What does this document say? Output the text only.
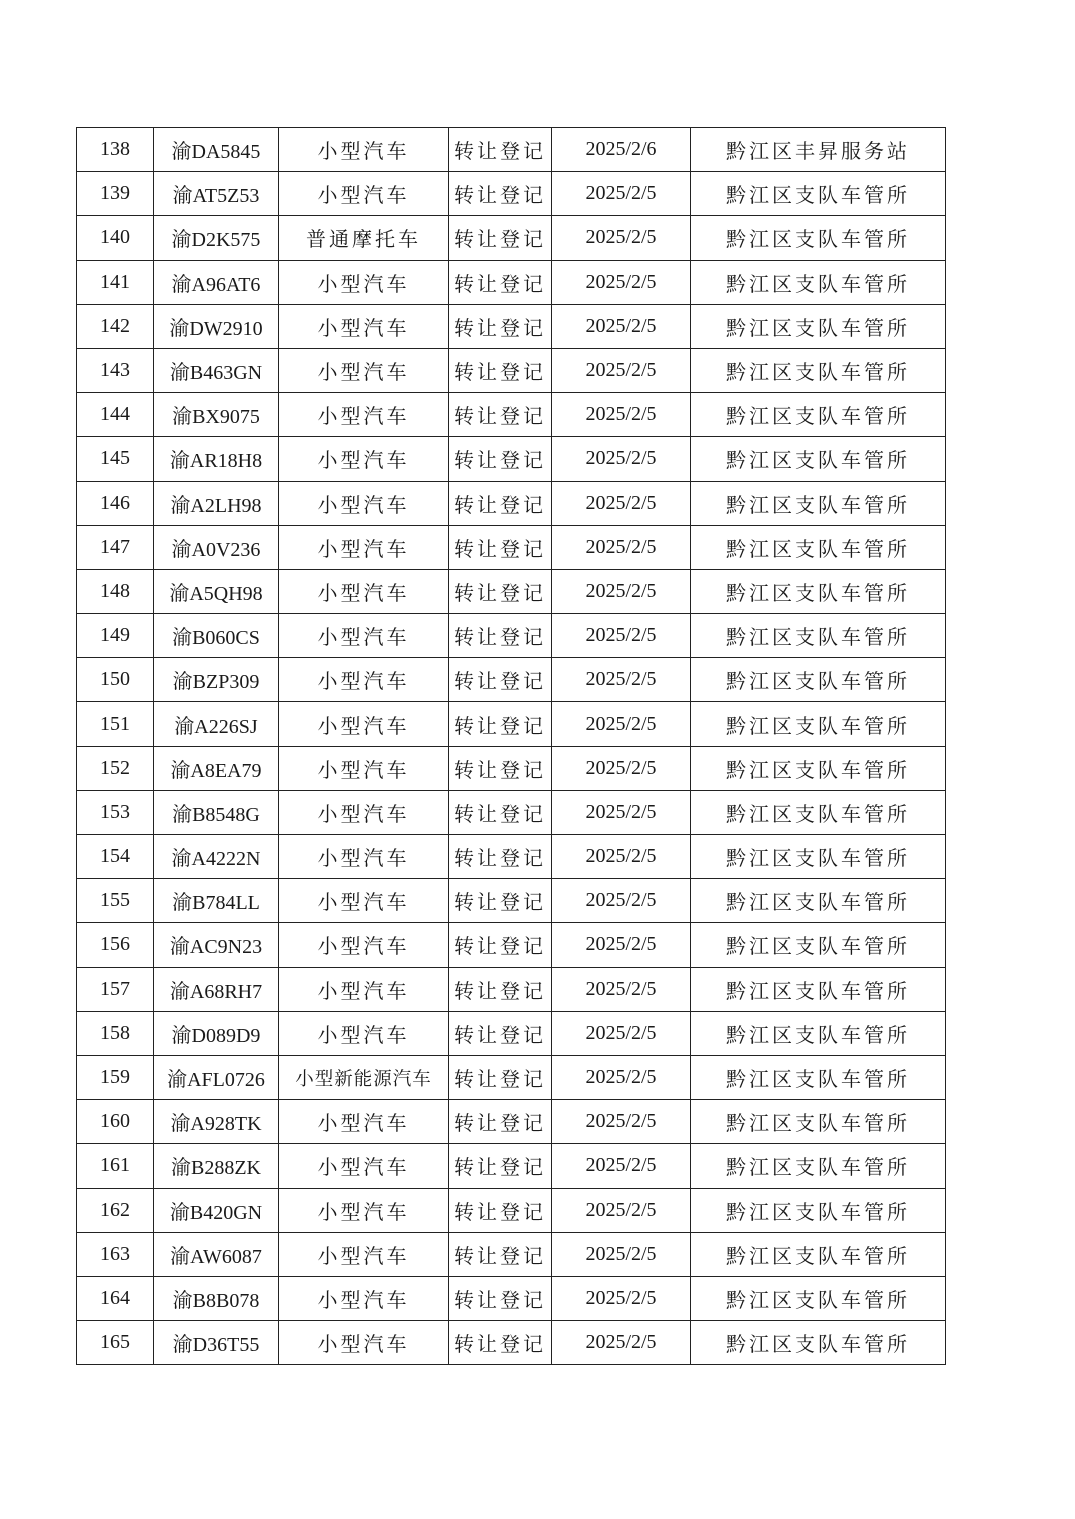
138	渝DA5845	小型汽车	转让登记	2025/2/6	黔江区丰昇服务站
139	渝AT5Z53	小型汽车	转让登记	2025/2/5	黔江区支队车管所
140	渝D2K575	普通摩托车	转让登记	2025/2/5	黔江区支队车管所
141	渝A96AT6	小型汽车	转让登记	2025/2/5	黔江区支队车管所
142	渝DW2910	小型汽车	转让登记	2025/2/5	黔江区支队车管所
143	渝B463GN	小型汽车	转让登记	2025/2/5	黔江区支队车管所
144	渝BX9075	小型汽车	转让登记	2025/2/5	黔江区支队车管所
145	渝AR18H8	小型汽车	转让登记	2025/2/5	黔江区支队车管所
146	渝A2LH98	小型汽车	转让登记	2025/2/5	黔江区支队车管所
147	渝A0V236	小型汽车	转让登记	2025/2/5	黔江区支队车管所
148	渝A5QH98	小型汽车	转让登记	2025/2/5	黔江区支队车管所
149	渝B060CS	小型汽车	转让登记	2025/2/5	黔江区支队车管所
150	渝BZP309	小型汽车	转让登记	2025/2/5	黔江区支队车管所
151	渝A226SJ	小型汽车	转让登记	2025/2/5	黔江区支队车管所
152	渝A8EA79	小型汽车	转让登记	2025/2/5	黔江区支队车管所
153	渝B8548G	小型汽车	转让登记	2025/2/5	黔江区支队车管所
154	渝A4222N	小型汽车	转让登记	2025/2/5	黔江区支队车管所
155	渝B784LL	小型汽车	转让登记	2025/2/5	黔江区支队车管所
156	渝AC9N23	小型汽车	转让登记	2025/2/5	黔江区支队车管所
157	渝A68RH7	小型汽车	转让登记	2025/2/5	黔江区支队车管所
158	渝D089D9	小型汽车	转让登记	2025/2/5	黔江区支队车管所
159	渝AFL0726	小型新能源汽车	转让登记	2025/2/5	黔江区支队车管所
160	渝A928TK	小型汽车	转让登记	2025/2/5	黔江区支队车管所
161	渝B288ZK	小型汽车	转让登记	2025/2/5	黔江区支队车管所
162	渝B420GN	小型汽车	转让登记	2025/2/5	黔江区支队车管所
163	渝AW6087	小型汽车	转让登记	2025/2/5	黔江区支队车管所
164	渝B8B078	小型汽车	转让登记	2025/2/5	黔江区支队车管所
165	渝D36T55	小型汽车	转让登记	2025/2/5	黔江区支队车管所
